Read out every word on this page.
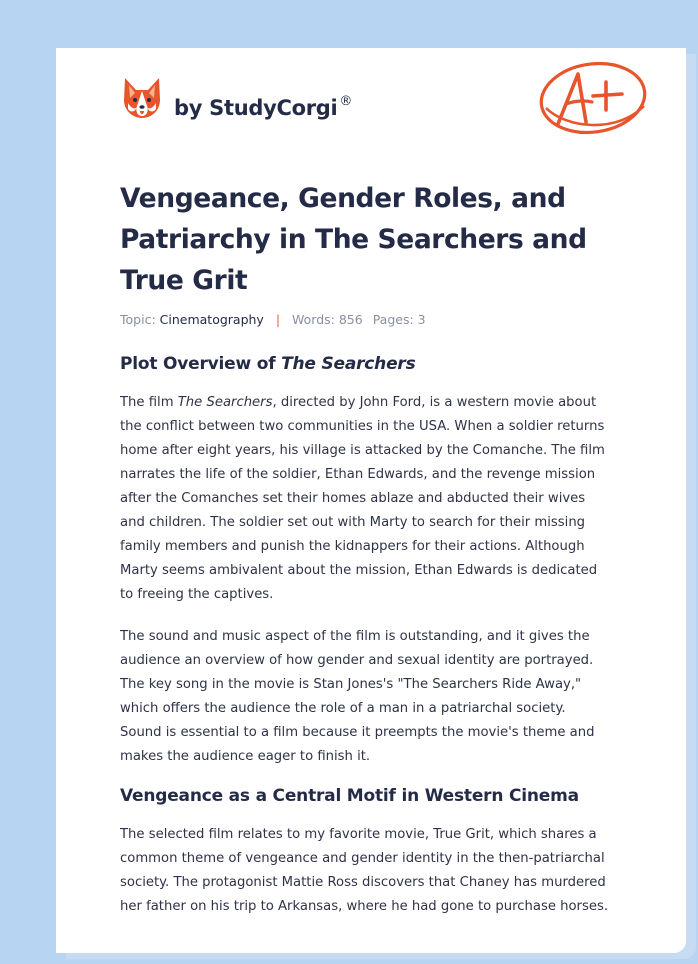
by StudyCorgi ®
Vengeance, Gender Roles, and
Patriarchy in The Searchers and
True Grit
Topic: Cinematography | Words: 856 Pages: 3
Plot Overview of The Searchers
The film The Searchers, directed by John Ford, is a western movie about
the conflict between two communities in the USA. When a soldier returns
home after eight years, his village is attacked by the Comanche. The film
narrates the life of the soldier, Ethan Edwards, and the revenge mission
after the Comanches set their homes ablaze and abducted their wives
and children. The soldier set out with Marty to search for their missing
family members and punish the kidnappers for their actions. Although
Marty seems ambivalent about the mission, Ethan Edwards is dedicated
to freeing the captives.
The sound and music aspect of the film is outstanding, and it gives the
audience an overview of how gender and sexual identity are portrayed.
The key song in the movie is Stan Jones's "The Searchers Ride Away,"
which offers the audience the role of a man in a patriarchal society.
Sound is essential to a film because it preempts the movie's theme and
makes the audience eager to finish it.
Vengeance as a Central Motif in Western Cinema
The selected film relates to my favorite movie, True Grit, which shares a
common theme of vengeance and gender identity in the then-patriarchal
society. The protagonist Mattie Ross discovers that Chaney has murdered
her father on his trip to Arkansas, where he had gone to purchase horses.
